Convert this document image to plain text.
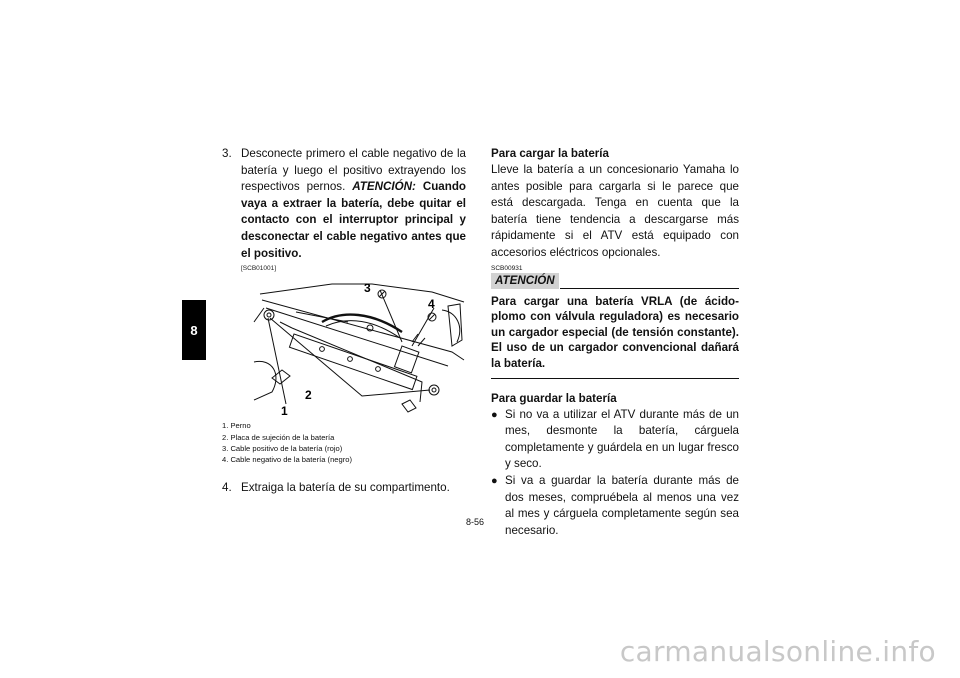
8
3. Desconecte primero el cable negativo de la batería y luego el positivo extrayendo los respectivos pernos. ATENCIÓN: Cuando vaya a extraer la batería, debe quitar el contacto con el interruptor principal y desconectar el cable negativo antes que el positivo.
[SCB01001]
3
4
2
1
1. Perno
2. Placa de sujeción de la batería
3. Cable positivo de la batería (rojo)
4. Cable negativo de la batería (negro)
4. Extraiga la batería de su compartimento.
Para cargar la batería
Lleve la batería a un concesionario Yamaha lo antes posible para cargarla si le parece que está descargada. Tenga en cuenta que la batería tiene tendencia a descargarse más rápidamente si el ATV está equipado con accesorios eléctricos opcionales.
SCB00931
ATENCIÓN
Para cargar una batería VRLA (de ácido-plomo con válvula reguladora) es necesario un cargador especial (de tensión constante). El uso de un cargador convencional dañará la batería.
Para guardar la batería
● Si no va a utilizar el ATV durante más de un mes, desmonte la batería, cárguela completamente y guárdela en un lugar fresco y seco.
● Si va a guardar la batería durante más de dos meses, compruébela al menos una vez al mes y cárguela completamente según sea necesario.
8-56
carmanualsonline.info
